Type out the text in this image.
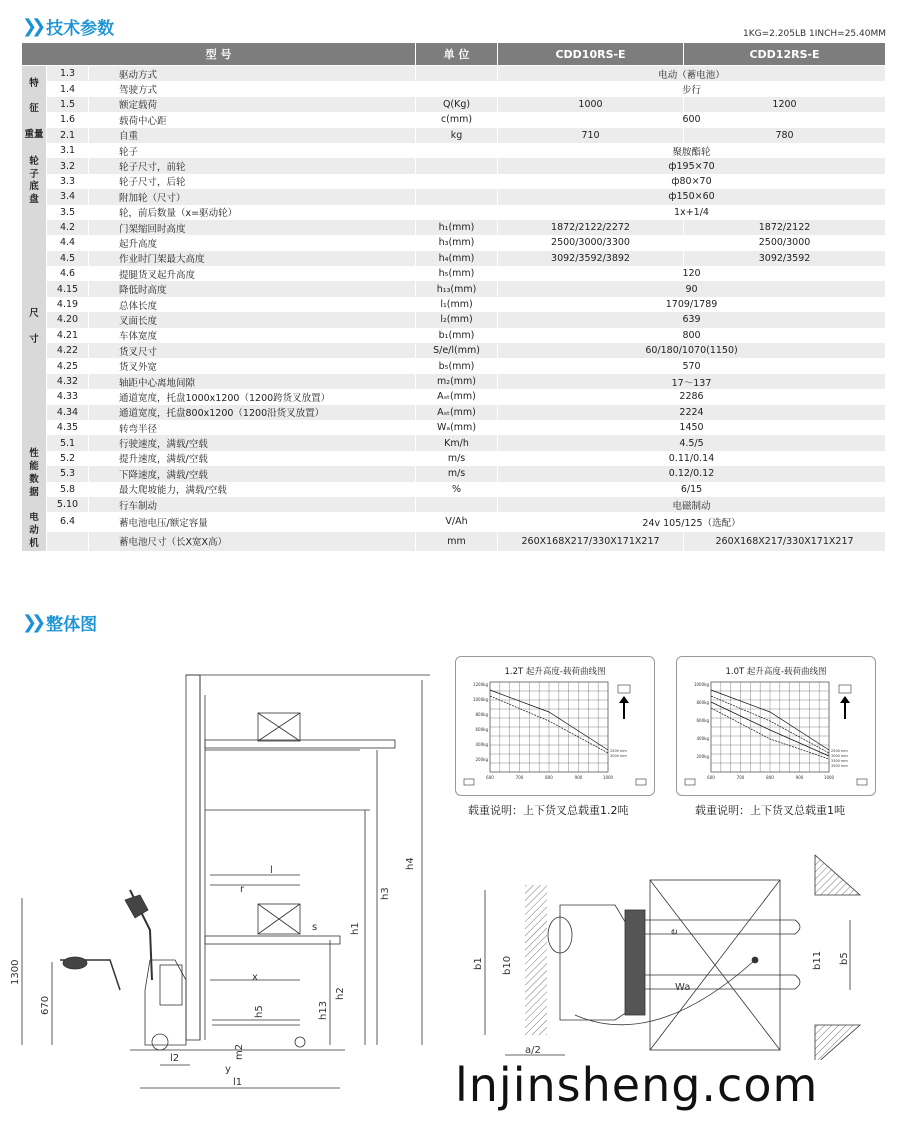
❯❯ 技术参数	1KG=2.205LB 1INCH=25.40MM
型 号			单 位	CDD10RS-E	CDD12RS-E
特

征	1.3	驱动方式		电动（蓄电池）	
	1.4	驾驶方式		步行	
	1.5	额定载荷	Q(Kg)	1000	1200
	1.6	载荷中心距	c(mm)	600	
重量	2.1	自重	kg	710	780
轮
子
底
盘	3.1	轮子		聚胺酯轮	
	3.2	轮子尺寸，前轮		ф195×70	
	3.3	轮子尺寸，后轮		ф80×70	
	3.4	附加轮（尺寸）		ф150×60	
	3.5	轮，前后数量（x=驱动轮）		1x+1/4	
尺

寸	4.2	门架缩回时高度	h₁(mm)	1872/2122/2272	1872/2122
	4.4	起升高度	h₃(mm)	2500/3000/3300	2500/3000
	4.5	作业时门架最大高度	h₄(mm)	3092/3592/3892	3092/3592
	4.6	提腿货叉起升高度	h₅(mm)	120	
	4.15	降低时高度	h₁₃(mm)	90	
	4.19	总体长度	l₁(mm)	1709/1789	
	4.20	叉面长度	l₂(mm)	639	
	4.21	车体宽度	b₁(mm)	800	
	4.22	货叉尺寸	S/e/l(mm)	60/180/1070(1150)	
	4.25	货叉外宽	b₅(mm)	570	
	4.32	轴距中心离地间隙	m₂(mm)	17～137	
	4.33	通道宽度，托盘1000x1200（1200跨货叉放置）	Aₛₜ(mm)	2286	
	4.34	通道宽度，托盘800x1200（1200沿货叉放置）	Aₛₜ(mm)	2224	
	4.35	转弯半径	Wₐ(mm)	1450	
性
能
数
据	5.1	行驶速度，满载/空载	Km/h	4.5/5	
	5.2	提升速度，满载/空载	m/s	0.11/0.14	
	5.3	下降速度，满载/空载	m/s	0.12/0.12	
	5.8	最大爬坡能力，满载/空载	%	6/15	
	5.10	行车制动		电磁制动	
电
动
机	6.4	蓄电池电压/额定容量	V/Ah	24v 105/125（选配）	
		蓄电池尺寸（长X宽X高）	mm	260X168X217/330X171X217	260X168X217/330X171X217
❯❯ 整体图
1.2T 起升高度-载荷曲线图
1200kg
1000kg
800kg
600kg
400kg
200kg
600	700	800	900	1000
2500 mm
3000 mm
1.0T 起升高度-载荷曲线图
1000kg
800kg
600kg
400kg
200kg
600	700	800	900	1000
2500 mm
3000 mm
3300 mm
3500 mm
载重说明：上下货叉总载重1.2吨	载重说明：上下货叉总载重1吨
h4
h3
h1
h2
h13
h5
l
r
s
x
y
l1
l2	m2
1300
670
b1 b10	b11 b5
e
Wa
a/2
lnjinsheng.com
